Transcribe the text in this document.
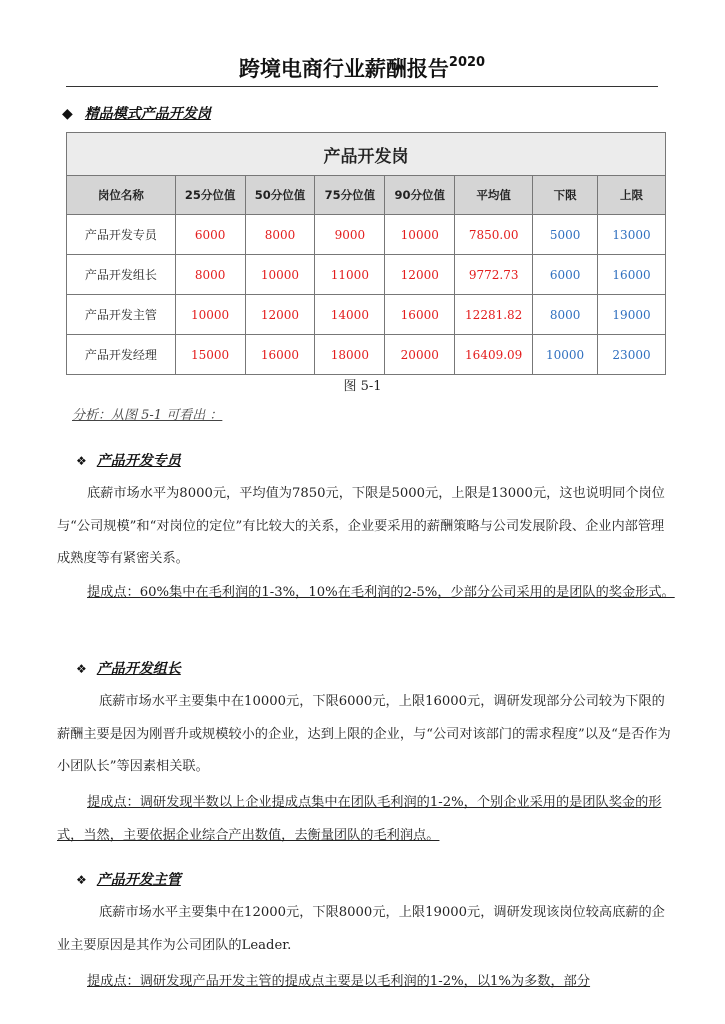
跨境电商行业薪酬报告$^{2020}$
◆ 精品模式产品开发岗
产品开发岗							
岗位名称	25分位值	50分位值	75分位值	90分位值	平均值	下限	上限
产品开发专员	6000	8000	9000	10000	7850.00	5000	13000
产品开发组长	8000	10000	11000	12000	9772.73	6000	16000
产品开发主管	10000	12000	14000	16000	12281.82	8000	19000
产品开发经理	15000	16000	18000	20000	16409.09	10000	23000
图 5-1
分析：从图 5-1 可看出 ：
❖ 产品开发专员
底薪市场水平为8000元，平均值为7850元，下限是5000元，上限是13000元，这也说明同个岗位与“公司规模”和“对岗位的定位”有比较大的关系，企业要采用的薪酬策略与公司发展阶段、企业内部管理成熟度等有紧密关系。
提成点：60%集中在毛利润的1-3%，10%在毛利润的2-5%，少部分公司采用的是团队的奖金形式。
❖ 产品开发组长
底薪市场水平主要集中在10000元，下限6000元，上限16000元，调研发现部分公司较为下限的薪酬主要是因为刚晋升或规模较小的企业，达到上限的企业，与“公司对该部门的需求程度”以及“是否作为小团队长”等因素相关联。
提成点：调研发现半数以上企业提成点集中在团队毛利润的1-2%，个别企业采用的是团队奖金的形式，当然，主要依据企业综合产出数值，去衡量团队的毛利润点。
❖ 产品开发主管
底薪市场水平主要集中在12000元，下限8000元，上限19000元，调研发现该岗位较高底薪的企业主要原因是其作为公司团队的Leader.
提成点：调研发现产品开发主管的提成点主要是以毛利润的1-2%，以1%为多数，部分
